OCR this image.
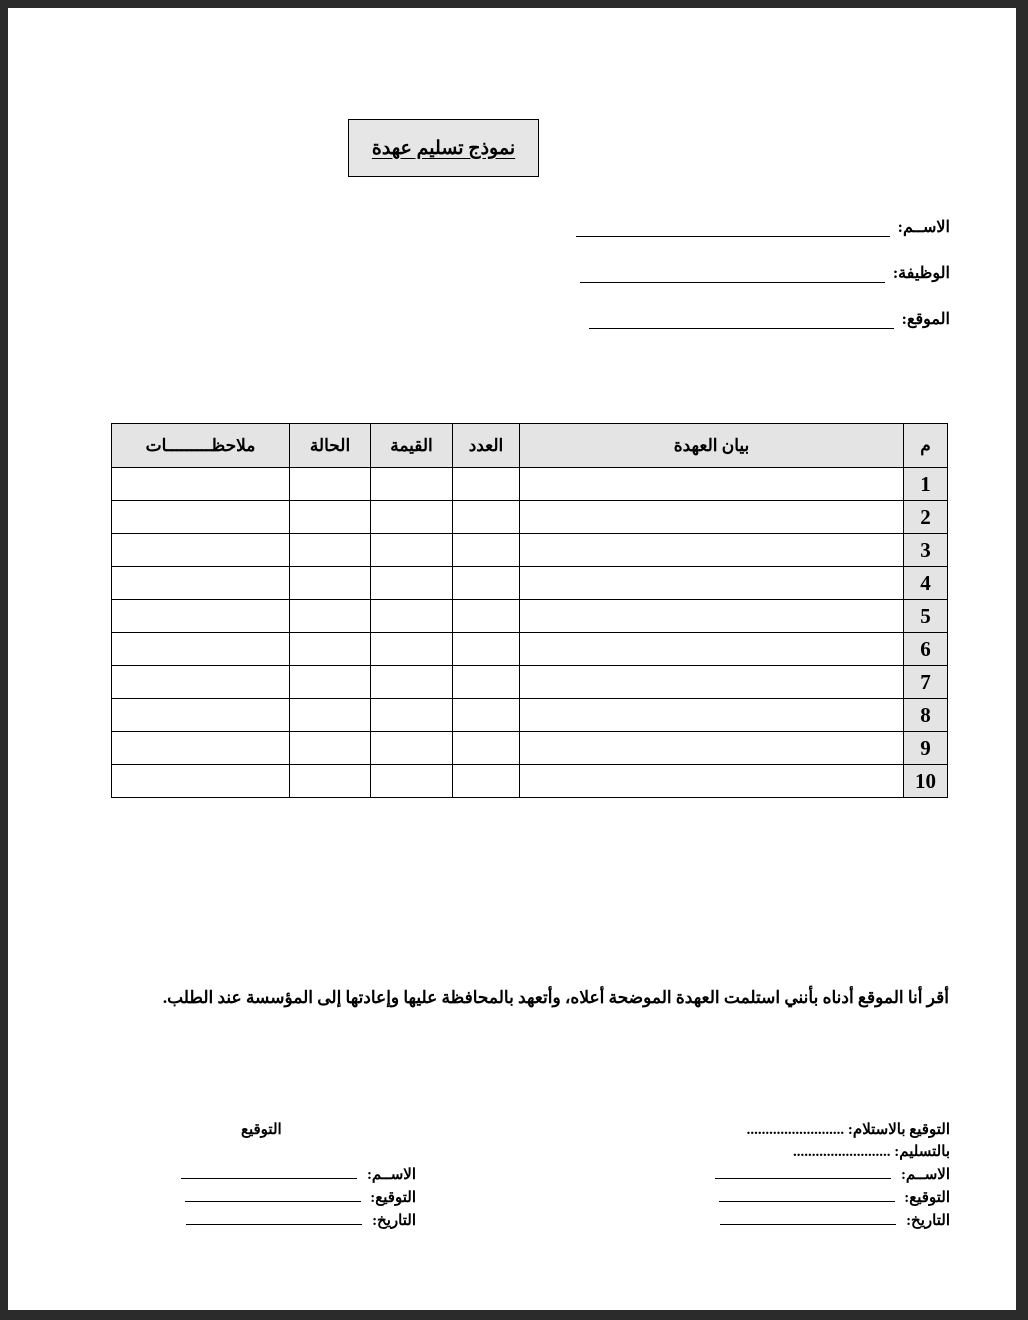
نموذج تسليم عهدة
الاســم:
الوظيفة:
الموقع:
م	بيان العهدة	العدد	القيمة	الحالة	ملاحظـــــــــات
1					
2					
3					
4					
5					
6					
7					
8					
9					
10					
أقر أنا الموقع أدناه بأنني استلمت العهدة الموضحة أعلاه، وأتعهد بالمحافظة عليها وإعادتها إلى المؤسسة عند الطلب.
التوقيع بالاستلام: ..........................
بالتسليم: ..........................
الاســم:
التوقيع:
التاريخ:
التوقيع
الاســم:
التوقيع:
التاريخ:
